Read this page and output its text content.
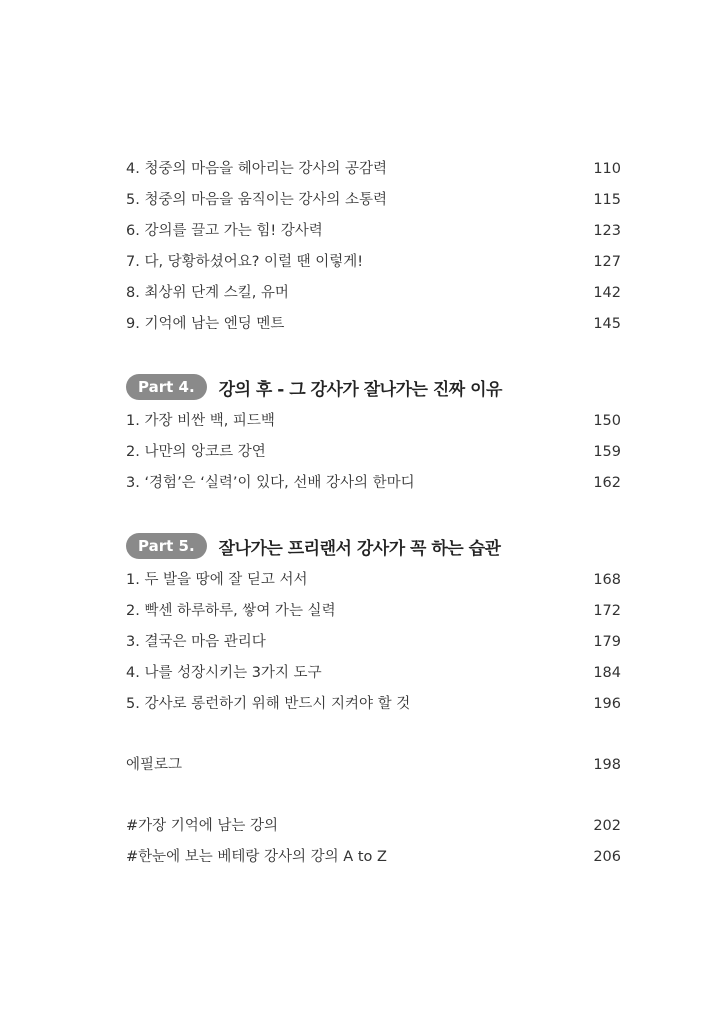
4. 청중의 마음을 헤아리는 강사의 공감력	110
5. 청중의 마음을 움직이는 강사의 소통력	115
6. 강의를 끌고 가는 힘! 강사력	123
7. 다, 당황하셨어요? 이럴 땐 이렇게!	127
8. 최상위 단계 스킬, 유머	142
9. 기억에 남는 엔딩 멘트	145
Part 4.	강의 후 - 그 강사가 잘나가는 진짜 이유
1. 가장 비싼 백, 피드백	150
2. 나만의 앙코르 강연	159
3. ‘경험’은 ‘실력’이 있다, 선배 강사의 한마디	162
Part 5.	잘나가는 프리랜서 강사가 꼭 하는 습관
1. 두 발을 땅에 잘 딛고 서서	168
2. 빡센 하루하루, 쌓여 가는 실력	172
3. 결국은 마음 관리다	179
4. 나를 성장시키는 3가지 도구	184
5. 강사로 롱런하기 위해 반드시 지켜야 할 것	196
에필로그	198
#가장 기억에 남는 강의	202
#한눈에 보는 베테랑 강사의 강의 A to Z	206
